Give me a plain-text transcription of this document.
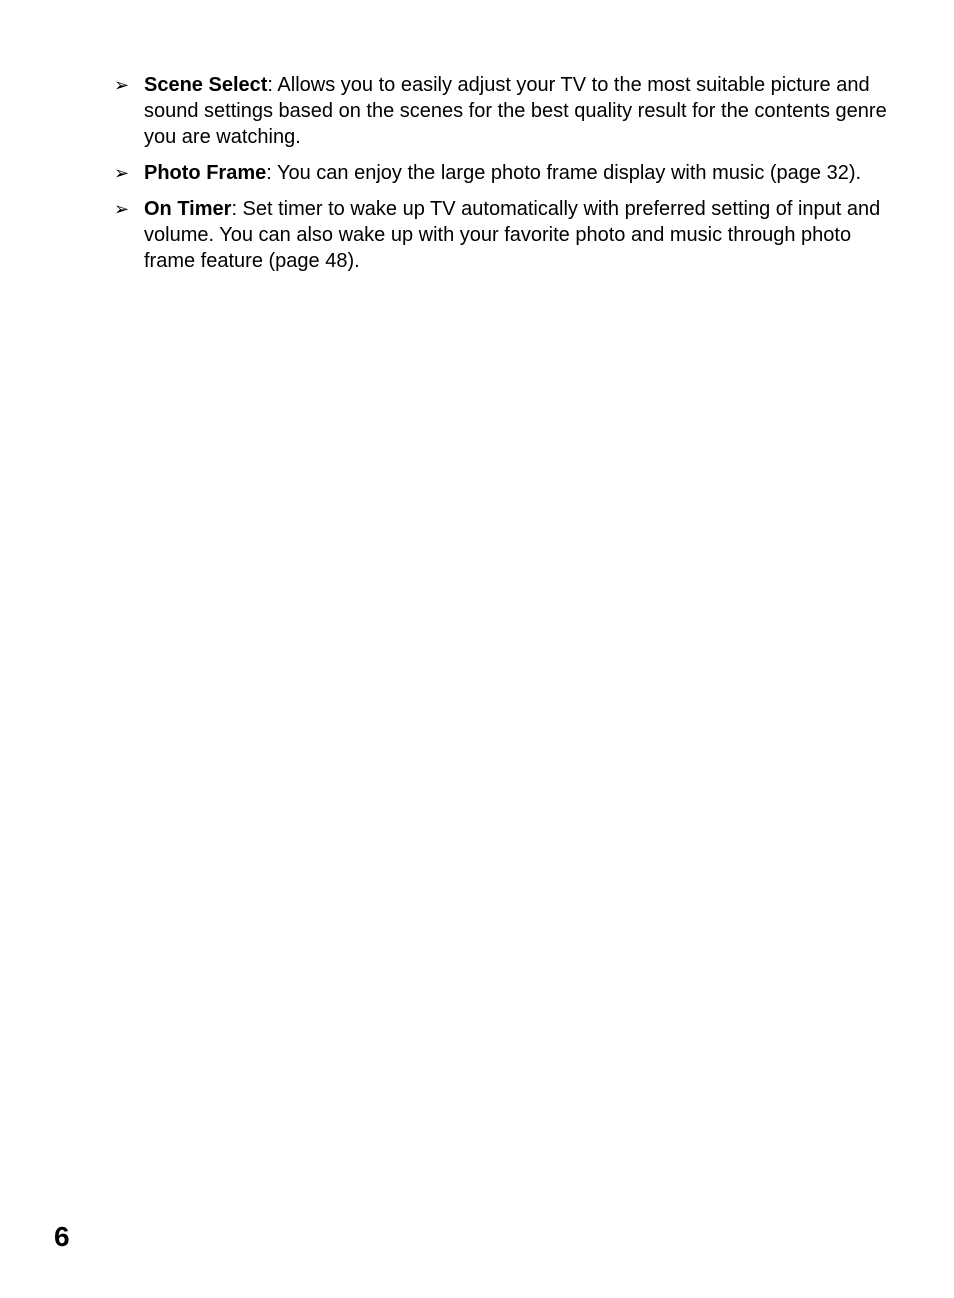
➢ Scene Select: Allows you to easily adjust your TV to the most suitable picture and sound settings based on the scenes for the best quality result for the contents genre you are watching.
➢ Photo Frame: You can enjoy the large photo frame display with music (page 32).
➢ On Timer: Set timer to wake up TV automatically with preferred setting of input and volume. You can also wake up with your favorite photo and music through photo frame feature (page 48).
6
